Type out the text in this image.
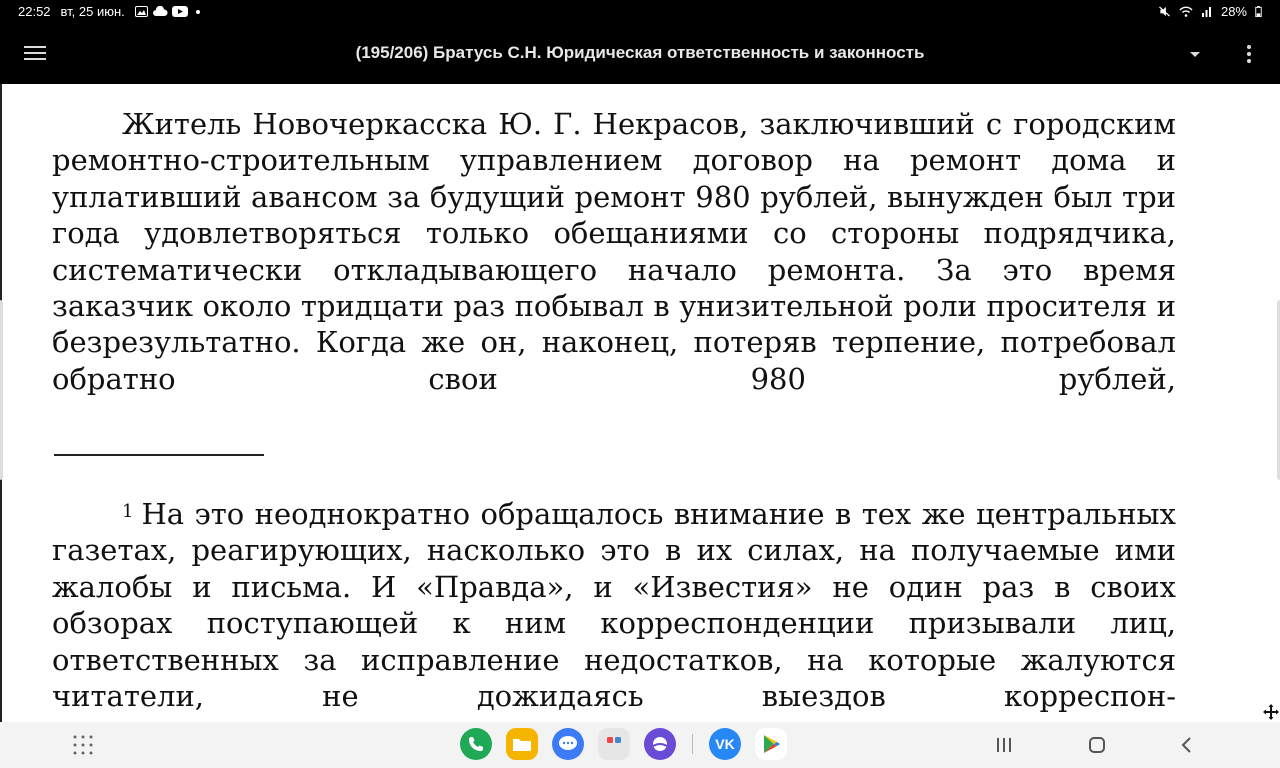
22:52 вт, 25 июн.	28%
(195/206) Братусь С.Н. Юридическая ответственность и законность

Житель Новочеркасска Ю. Г. Некрасов, заключивший с городским ремонтно-строительным управлением договор на ремонт дома и уплативший авансом за будущий ремонт 980 рублей, вынужден был три года удовлетворяться только обещаниями со стороны подрядчика, систематически откладывающего начало ремонта. За это время заказчик около тридцати раз побывал в унизительной роли просителя и безрезультатно. Когда же он, наконец, потеряв терпение, потребовал обратно свои 980 рублей,

$^1$ На это неоднократно обращалось внимание в тех же центральных газетах, реагирующих, насколько это в их силах, на получаемые ими жалобы и письма. И «Правда», и «Известия» не один раз в своих обзорах поступающей к ним корреспонденции призывали лиц, ответственных за исправление недостатков, на которые жалуются читатели, не дожидаясь выездов корреспон-

VK
